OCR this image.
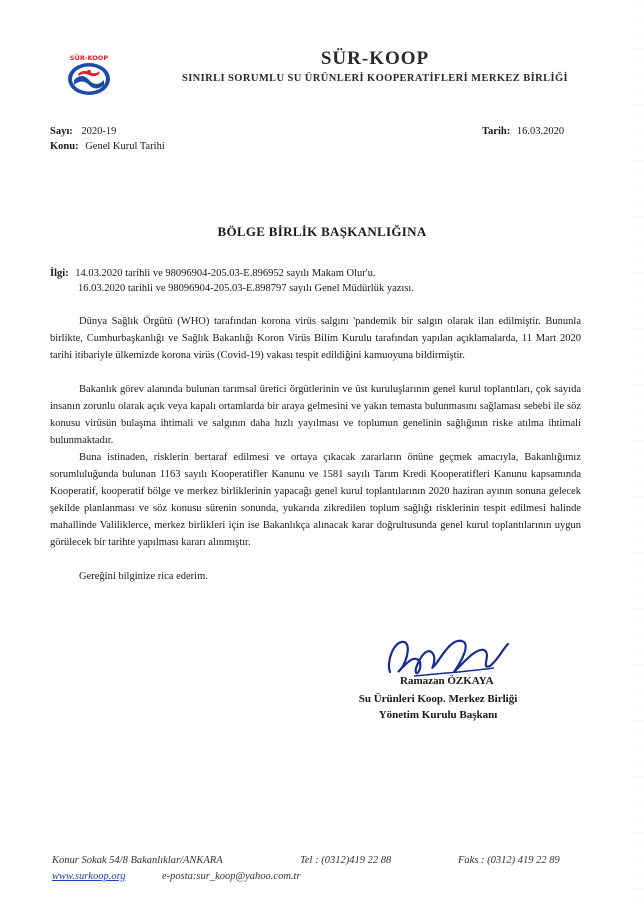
SÜR-KOOP	SÜR-KOOP
SINIRLI SORUMLU SU ÜRÜNLERİ KOOPERATİFLERİ MERKEZ BİRLİĞİ
Sayı: 2020-19
Konu: Genel Kurul Tarihi
Tarih: 16.03.2020
BÖLGE BİRLİK BAŞKANLIĞINA
İlgi: 14.03.2020 tarihli ve 98096904-205.03-E.896952 sayılı Makam Olur'u.
16.03.2020 tarihli ve 98096904-205.03-E.898797 sayılı Genel Müdürlük yazısı.
Dünya Sağlık Örgütü (WHO) tarafından korona virüs salgını 'pandemik bir salgın olarak ilan edilmiştir. Bununla birlikte, Cumhurbaşkanlığı ve Sağlık Bakanlığı Koron Virüs Bilim Kurulu tarafından yapılan açıklamalarda, 11 Mart 2020 tarihi itibariyle ülkemizde korona virüs (Covid-19) vakası tespit edildiğini kamuoyuna bildirmiştir.
Bakanlık görev alanında bulunan tarımsal üretici örgütlerinin ve üst kuruluşlarının genel kurul toplantıları, çok sayıda insanın zorunlu olarak açık veya kapalı ortamlarda bir araya gelmesini ve yakın temasta bulunmasını sağlaması sebebi ile söz konusu virüsün bulaşma ihtimali ve salgının daha hızlı yayılması ve toplumun genelinin sağlığının riske atılma ihtimali bulunmaktadır.
Buna istinaden, risklerin bertaraf edilmesi ve ortaya çıkacak zararların önüne geçmek amacıyla, Bakanlığımız sorumluluğunda bulunan 1163 sayılı Kooperatifler Kanunu ve 1581 sayılı Tarım Kredi Kooperatifleri Kanunu kapsamında Kooperatif, kooperatif bölge ve merkez birliklerinin yapacağı genel kurul toplantılarının 2020 haziran ayının sonuna gelecek şekilde planlanması ve söz konusu sürenin sonunda, yukarıda zikredilen toplum sağlığı risklerinin tespit edilmesi halinde mahallinde Valiliklerce, merkez birlikleri için ise Bakanlıkça alınacak karar doğrultusunda genel kurul toplantılarının uygun görülecek bir tarihte yapılması kararı alınmıştır.
Gereğini bilginize rica ederim.
Ramazan ÖZKAYA
Su Ürünleri Koop. Merkez Birliği
Yönetim Kurulu Başkanı
Konur Sokak 54/8 Bakanlıklar/ANKARA	Tel : (0312)419 22 88	Faks : (0312) 419 22 89
www.surkoop.org	e-posta:sur_koop@yahoo.com.tr
